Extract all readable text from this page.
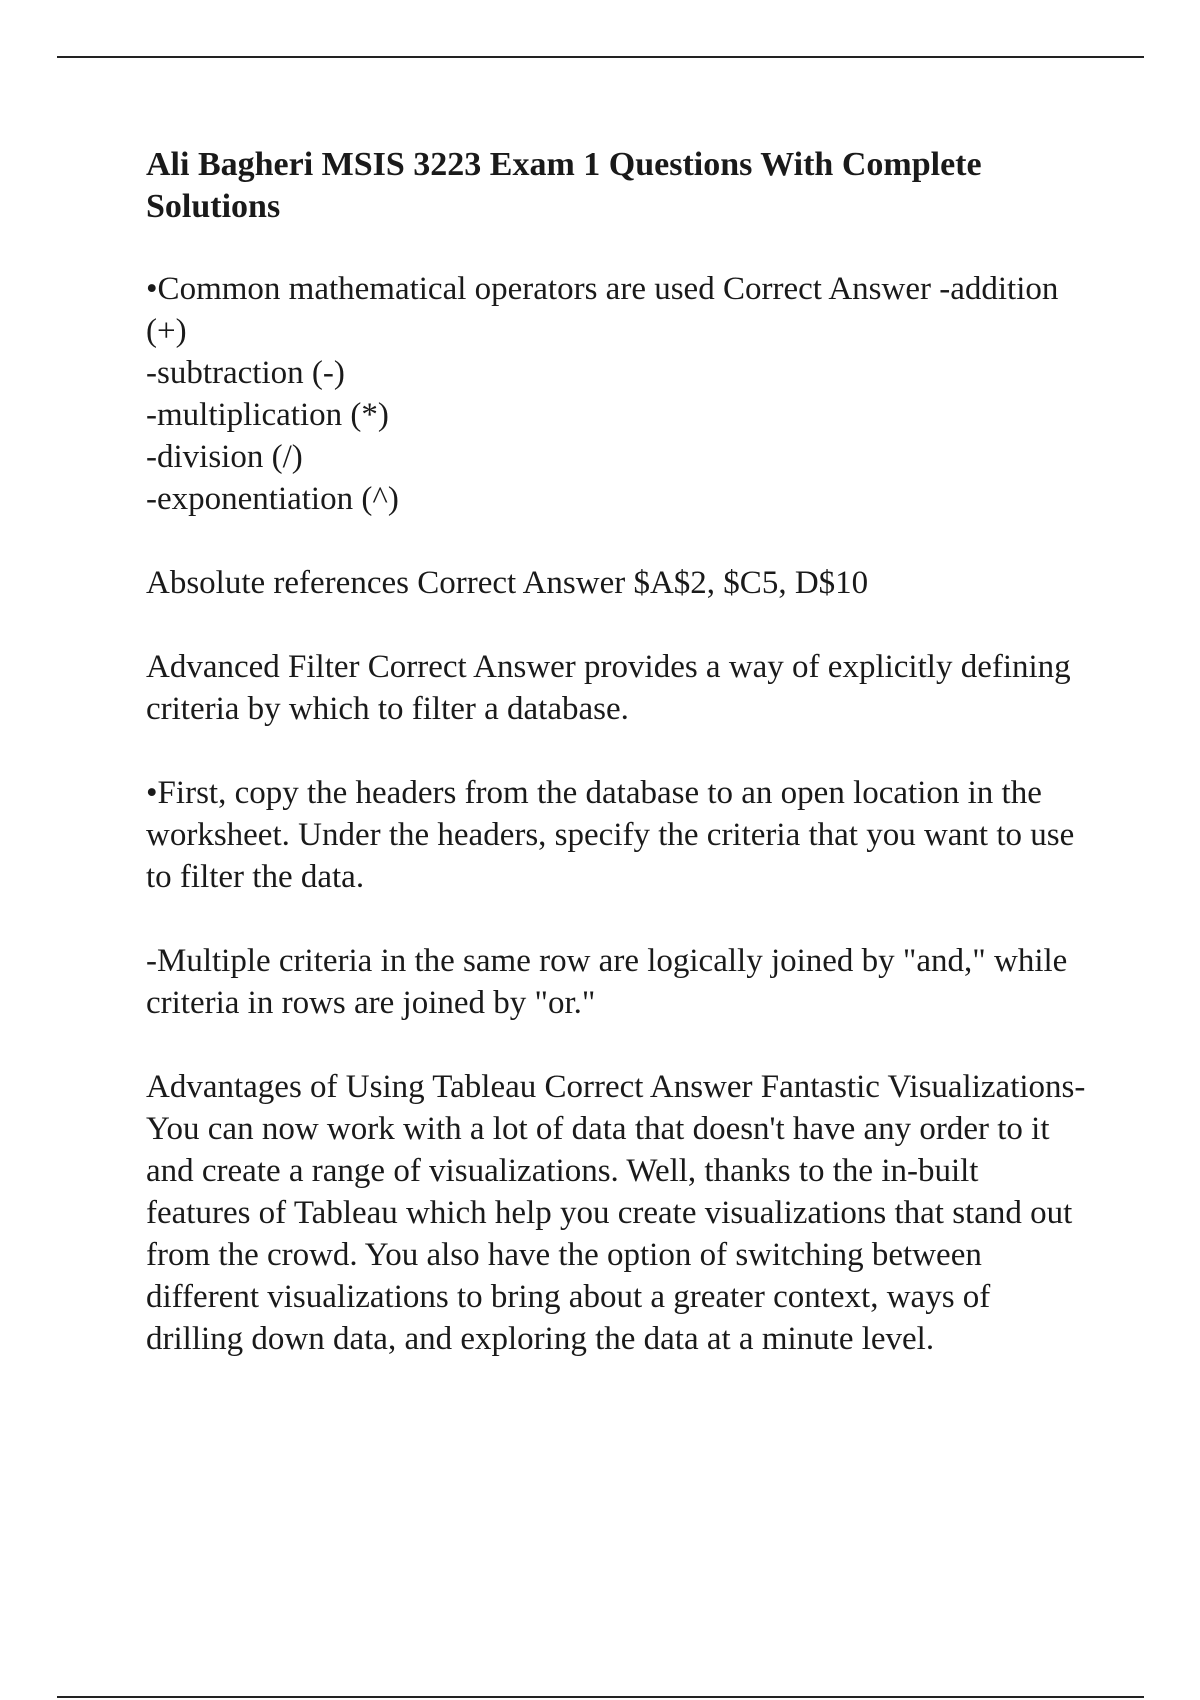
Ali Bagheri MSIS 3223 Exam 1 Questions With Complete Solutions

•Common mathematical operators are used Correct Answer -addition (+)
-subtraction (-)
-multiplication (*)
-division (/)
-exponentiation (^)

Absolute references Correct Answer $A$2, $C5, D$10

Advanced Filter Correct Answer provides a way of explicitly defining criteria by which to filter a database.

•First, copy the headers from the database to an open location in the worksheet. Under the headers, specify the criteria that you want to use to filter the data.

-Multiple criteria in the same row are logically joined by "and," while criteria in rows are joined by "or."

Advantages of Using Tableau Correct Answer Fantastic Visualizations-You can now work with a lot of data that doesn't have any order to it and create a range of visualizations. Well, thanks to the in-built features of Tableau which help you create visualizations that stand out from the crowd. You also have the option of switching between different visualizations to bring about a greater context, ways of drilling down data, and exploring the data at a minute level.
